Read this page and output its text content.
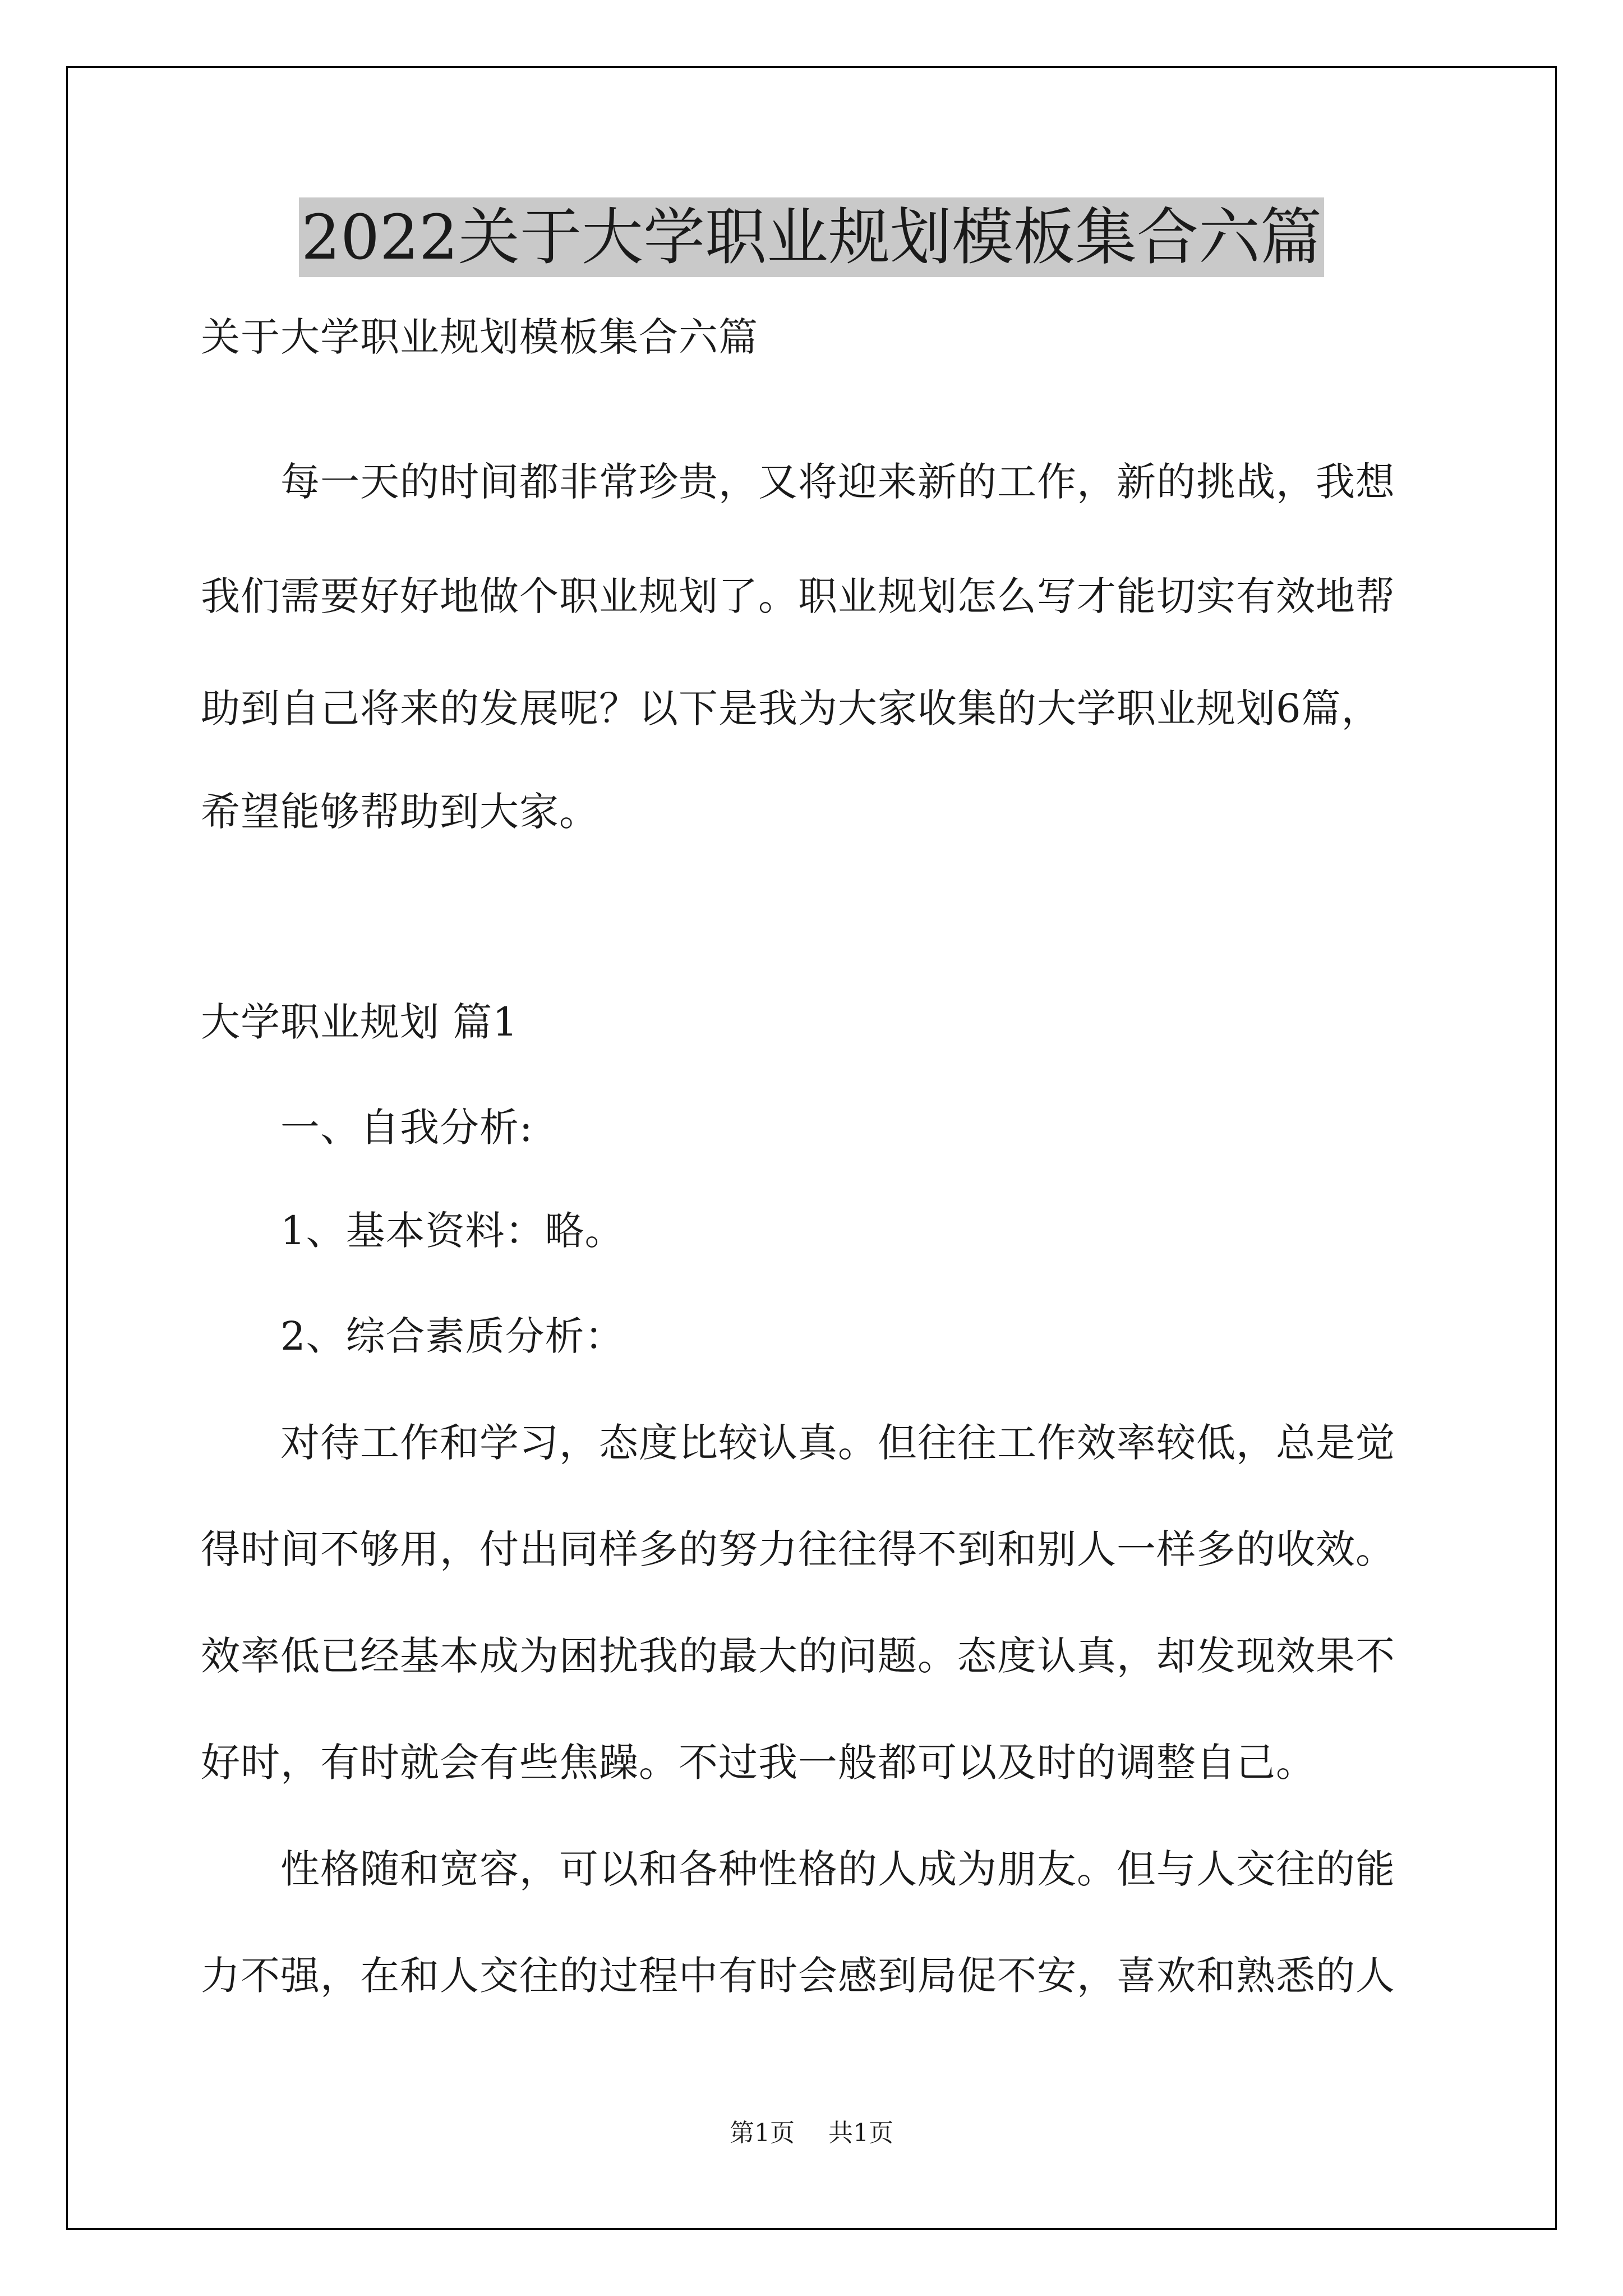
2022关于大学职业规划模板集合六篇
关于大学职业规划模板集合六篇
每一天的时间都非常珍贵，又将迎来新的工作，新的挑战，我想
我们需要好好地做个职业规划了。职业规划怎么写才能切实有效地帮
助到自己将来的发展呢？以下是我为大家收集的大学职业规划6篇，
希望能够帮助到大家。
大学职业规划 篇1
一、自我分析:
1、基本资料：略。
2、综合素质分析：
对待工作和学习，态度比较认真。但往往工作效率较低，总是觉
得时间不够用，付出同样多的努力往往得不到和别人一样多的收效。
效率低已经基本成为困扰我的最大的问题。态度认真，却发现效果不
好时，有时就会有些焦躁。不过我一般都可以及时的调整自己。
性格随和宽容，可以和各种性格的人成为朋友。但与人交往的能
力不强，在和人交往的过程中有时会感到局促不安，喜欢和熟悉的人
第1页 共1页
